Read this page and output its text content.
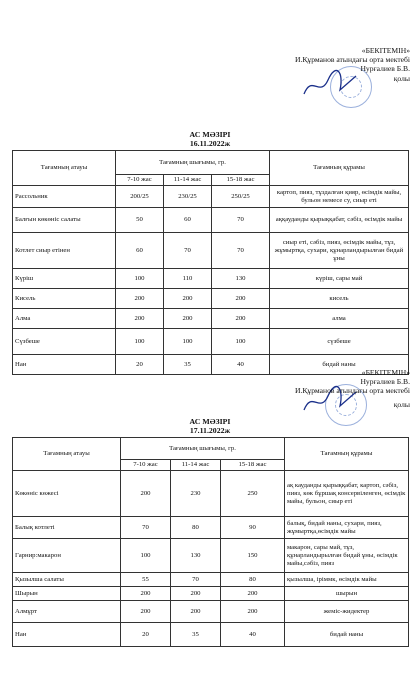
«БЕКІТЕМІН»
И.Құрманов атындағы орта мектебі
Нурғалиев Б.В.
қолы
АС МӘЗІРІ
16.11.2022ж
Тағамның атауы	Тағамның шығымы, гр.			Тағамның құрамы
	7-10 жас	11-14 жас	15-18 жас	
Рассольник	200/25	230/25	250/25	картоп, пияз, тұздалған қияр, өсімдік майы, бульон немесе су, сиыр еті
Балғын көкөніс салаты	50	60	70	аққауданды қырыққабат, сәбіз, өсімдік майы
Котлет сиыр етінен	60	70	70	сиыр еті, сәбіз, пияз, өсімдік майы, тұз, жұмыртқа, сухари, құнарландырылған бидай ұны
Күріш	100	110	130	күріш, сары май
Кисель	200	200	200	кисель
Алма	200	200	200	алма
Сүзбеше	100	100	100	сүзбеше
Нан	20	35	40	бидай наны
«БЕКІТЕМІН»
Нурғалиев Б.В.
И.Құрманов атындағы орта мектебі
қолы
АС МӘЗІРІ
17.11.2022ж
Тағамның атауы	Тағамның шығымы, гр.			Тағамның құрамы
	7-10 жас	11-14 жас	15-18 жас	
Көкөніс көжесі	200	230	250	ақ кауданды қырыққабат, картоп, сәбіз, пияз, көк бұршақ консервіленген, өсімдік майы, бульон, сиыр еті
Балық котлеті	70	80	90	балық, бидай наны, сухари, пияз, жұмыртқа,өсімдік майы
Гарнир:макарон	100	130	150	макарон, сары май, тұз, құнарландырылған бидай ұны, өсімдік майы,сәбіз, пияз
Қызылша салаты	55	70	80	қызылша, іріммк, өсімдік майы
Шырын	200	200	200	шырын
Алмұрт	200	200	200	жеміс-жидектер
Нан	20	35	40	бидай наны
